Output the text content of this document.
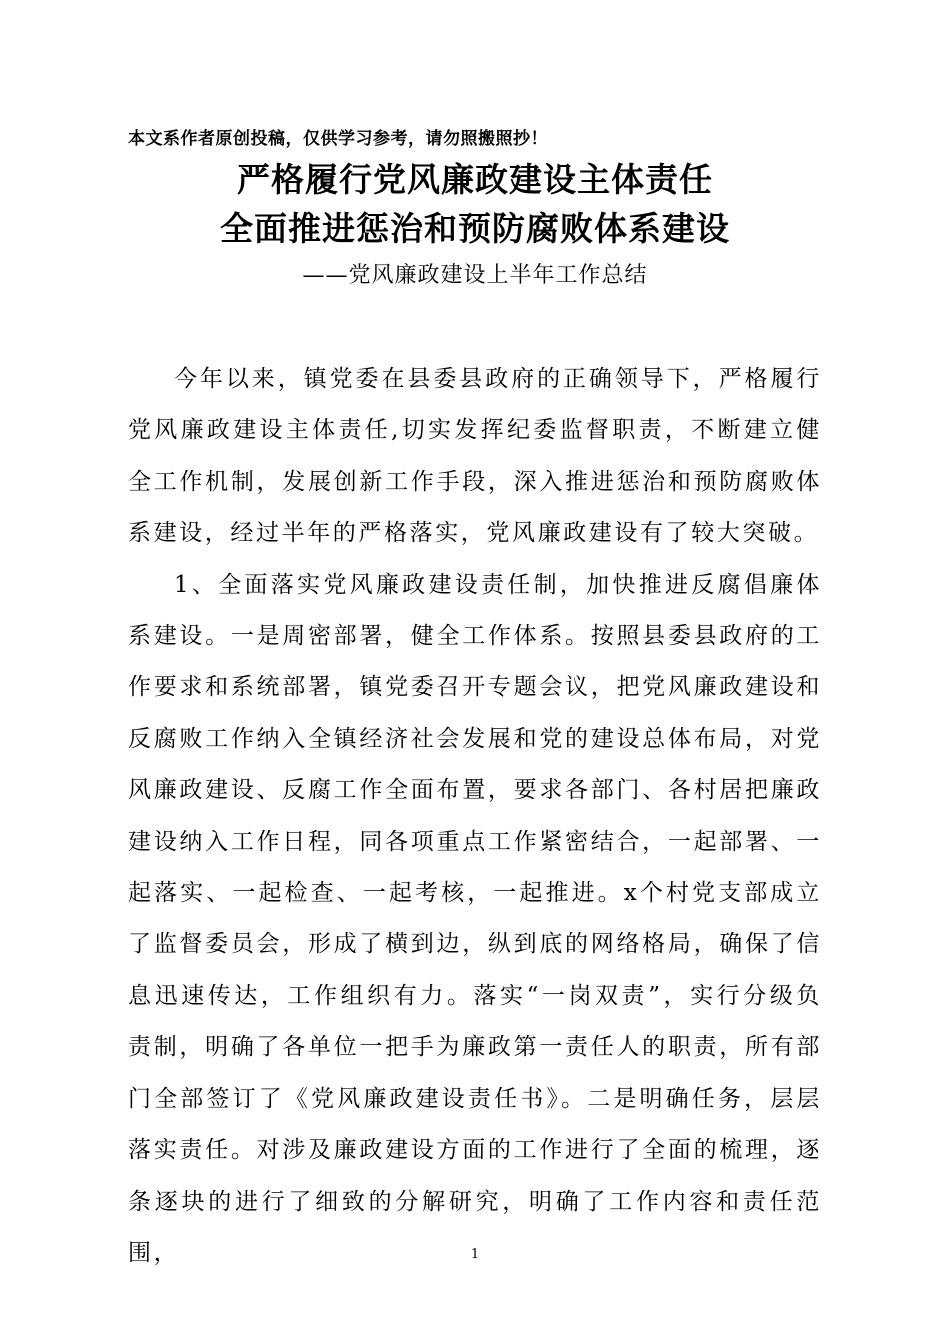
本文系作者原创投稿，仅供学习参考，请勿照搬照抄！
严格履行党风廉政建设主体责任
全面推进惩治和预防腐败体系建设
——党风廉政建设上半年工作总结

今年以来，镇党委在县委县政府的正确领导下，严格履行党风廉政建设主体责任,切实发挥纪委监督职责，不断建立健全工作机制，发展创新工作手段，深入推进惩治和预防腐败体系建设，经过半年的严格落实，党风廉政建设有了较大突破。

1、全面落实党风廉政建设责任制，加快推进反腐倡廉体系建设。一是周密部署，健全工作体系。按照县委县政府的工作要求和系统部署，镇党委召开专题会议，把党风廉政建设和反腐败工作纳入全镇经济社会发展和党的建设总体布局，对党风廉政建设、反腐工作全面布置，要求各部门、各村居把廉政建设纳入工作日程，同各项重点工作紧密结合，一起部署、一起落实、一起检查、一起考核，一起推进。x个村党支部成立了监督委员会，形成了横到边，纵到底的网络格局，确保了信息迅速传达，工作组织有力。落实“一岗双责”，实行分级负责制，明确了各单位一把手为廉政第一责任人的职责，所有部门全部签订了《党风廉政建设责任书》。二是明确任务，层层落实责任。对涉及廉政建设方面的工作进行了全面的梳理，逐条逐块的进行了细致的分解研究，明确了工作内容和责任范围，	1
